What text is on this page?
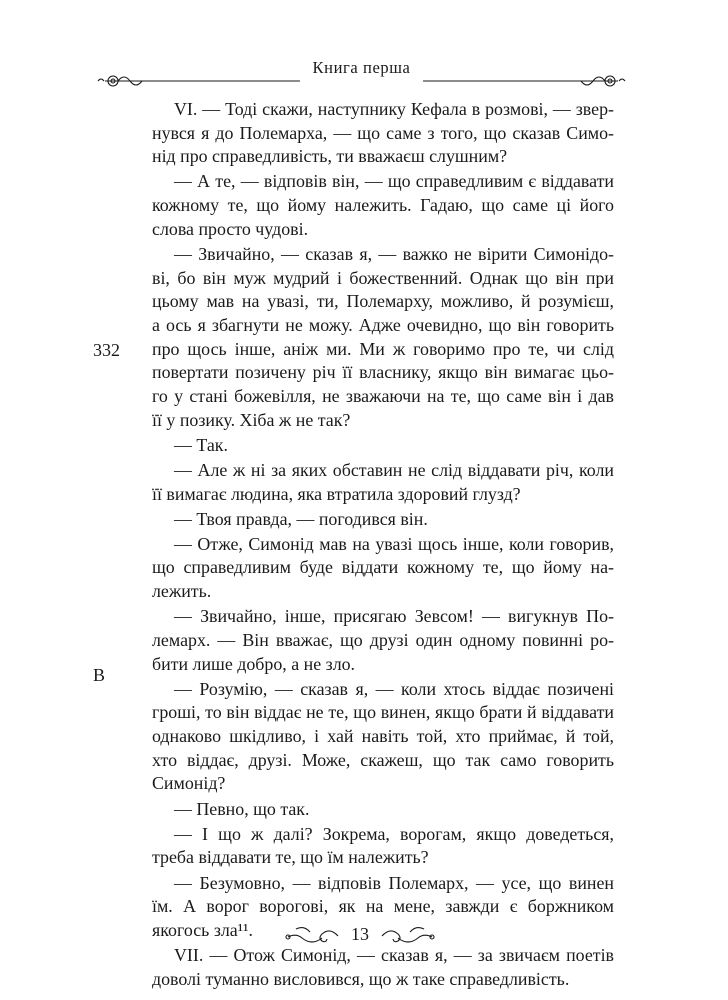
Книга перша
332
B
VI. — Тоді скажи, наступнику Кефала в розмові, — звер-
нувся я до Полемарха, — що саме з того, що сказав Симо-
нід про справедливість, ти вважаєш слушним?
— А те, — відповів він, — що справедливим є віддавати
кожному те, що йому належить. Гадаю, що саме ці його
слова просто чудові.
— Звичайно, — сказав я, — важко не вірити Симонідо-
ві, бо він муж мудрий і божественний. Однак що він при
цьому мав на увазі, ти, Полемарху, можливо, й розумієш,
а ось я збагнути не можу. Адже очевидно, що він говорить
про щось інше, аніж ми. Ми ж говоримо про те, чи слід
повертати позичену річ її власнику, якщо він вимагає цьо-
го у стані божевілля, не зважаючи на те, що саме він і дав
її у позику. Хіба ж не так?
— Так.
— Але ж ні за яких обставин не слід віддавати річ, коли
її вимагає людина, яка втратила здоровий глузд?
— Твоя правда, — погодився він.
— Отже, Симонід мав на увазі щось інше, коли говорив,
що справедливим буде віддати кожному те, що йому на-
лежить.
— Звичайно, інше, присягаю Зевсом! — вигукнув По-
лемарх. — Він вважає, що друзі один одному повинні ро-
бити лише добро, а не зло.
— Розумію, — сказав я, — коли хтось віддає позичені
гроші, то він віддає не те, що винен, якщо брати й віддавати
однаково шкідливо, і хай навіть той, хто приймає, й той,
хто віддає, друзі. Може, скажеш, що так само говорить
Симонід?
— Певно, що так.
— І що ж далі? Зокрема, ворогам, якщо доведеться,
треба віддавати те, що їм належить?
— Безумовно, — відповів Полемарх, — усе, що винен
їм. А ворог ворогові, як на мене, завжди є боржником
якогось зла¹¹.
VII. — Отож Симонід, — сказав я, — за звичаєм поетів
доволі туманно висловився, що ж таке справедливість.
13
